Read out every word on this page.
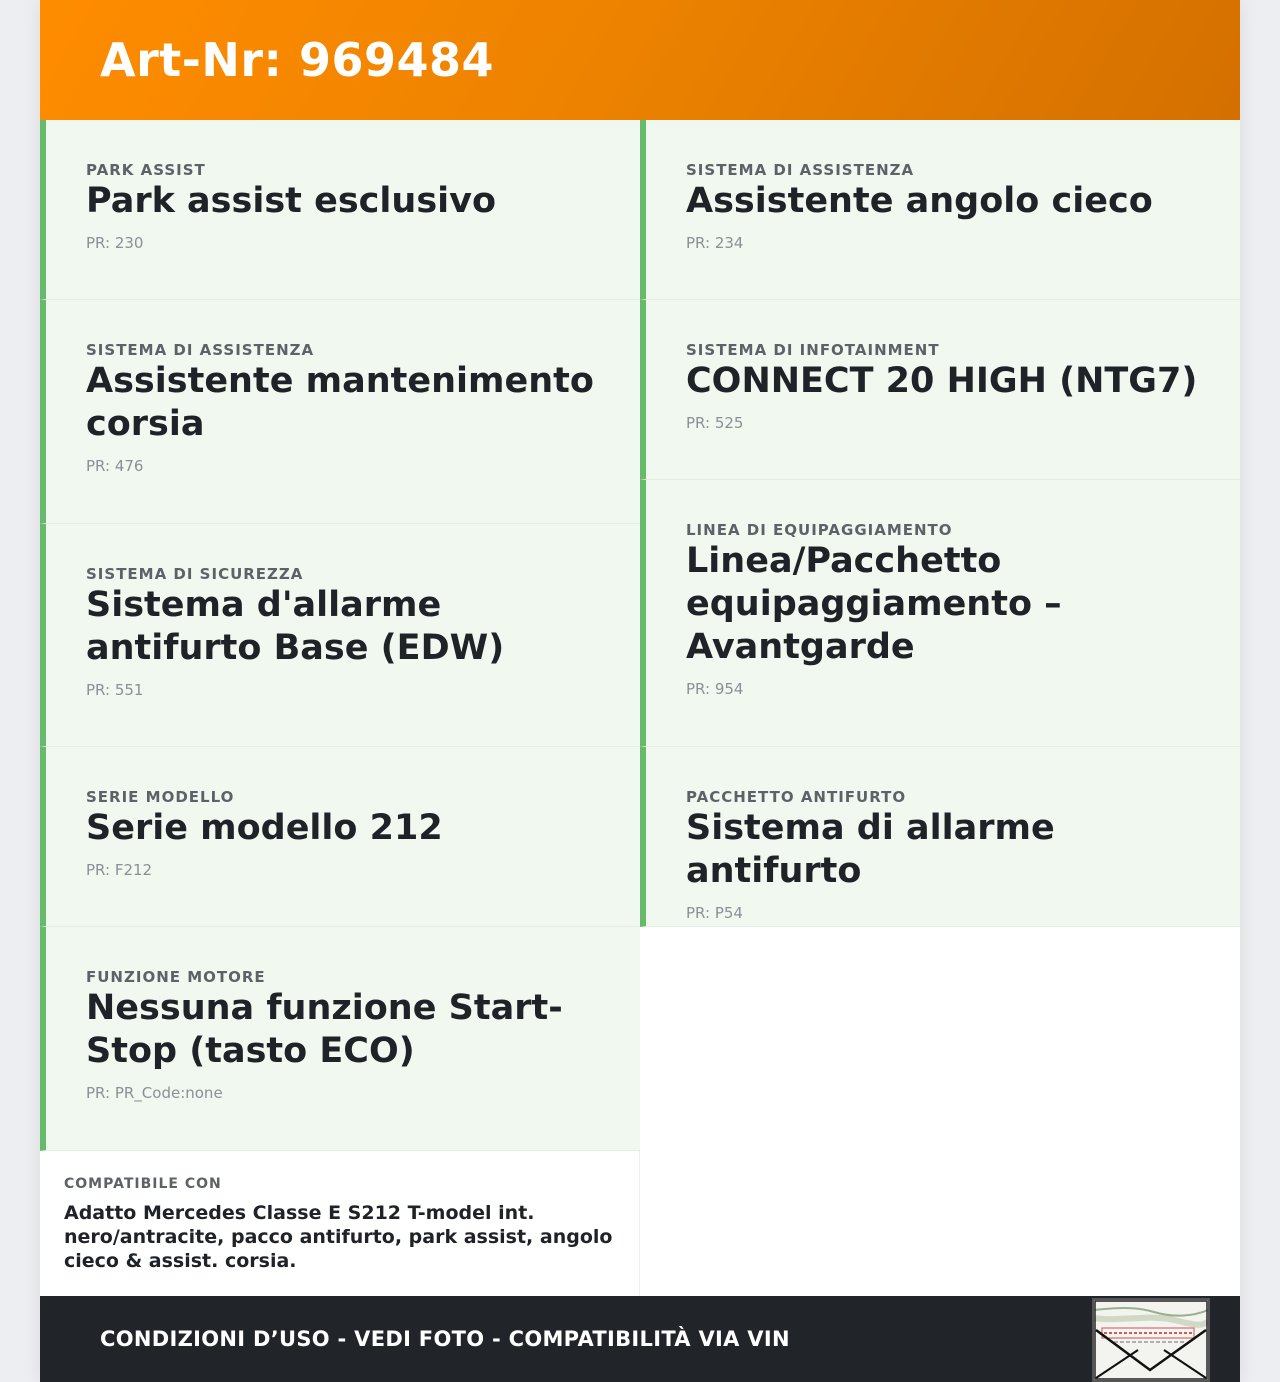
Art-Nr: 969484
PARK ASSIST
Park assist esclusivo
PR: 230
SISTEMA DI ASSISTENZA
Assistente mantenimento corsia
PR: 476
SISTEMA DI SICUREZZA
Sistema d'allarme antifurto Base (EDW)
PR: 551
SERIE MODELLO
Serie modello 212
PR: F212
FUNZIONE MOTORE
Nessuna funzione Start-Stop (tasto ECO)
PR: PR_Code:none
SISTEMA DI ASSISTENZA
Assistente angolo cieco
PR: 234
SISTEMA DI INFOTAINMENT
CONNECT 20 HIGH (NTG7)
PR: 525
LINEA DI EQUIPAGGIAMENTO
Linea/Pacchetto equipaggiamento – Avantgarde
PR: 954
PACCHETTO ANTIFURTO
Sistema di allarme antifurto
PR: P54
COMPATIBILE CON
Adatto Mercedes Classe E S212 T-model int. nero/antracite, pacco antifurto, park assist, angolo cieco & assist. corsia.
CONDIZIONI D’USO - VEDI FOTO - COMPATIBILITÀ VIA VIN
